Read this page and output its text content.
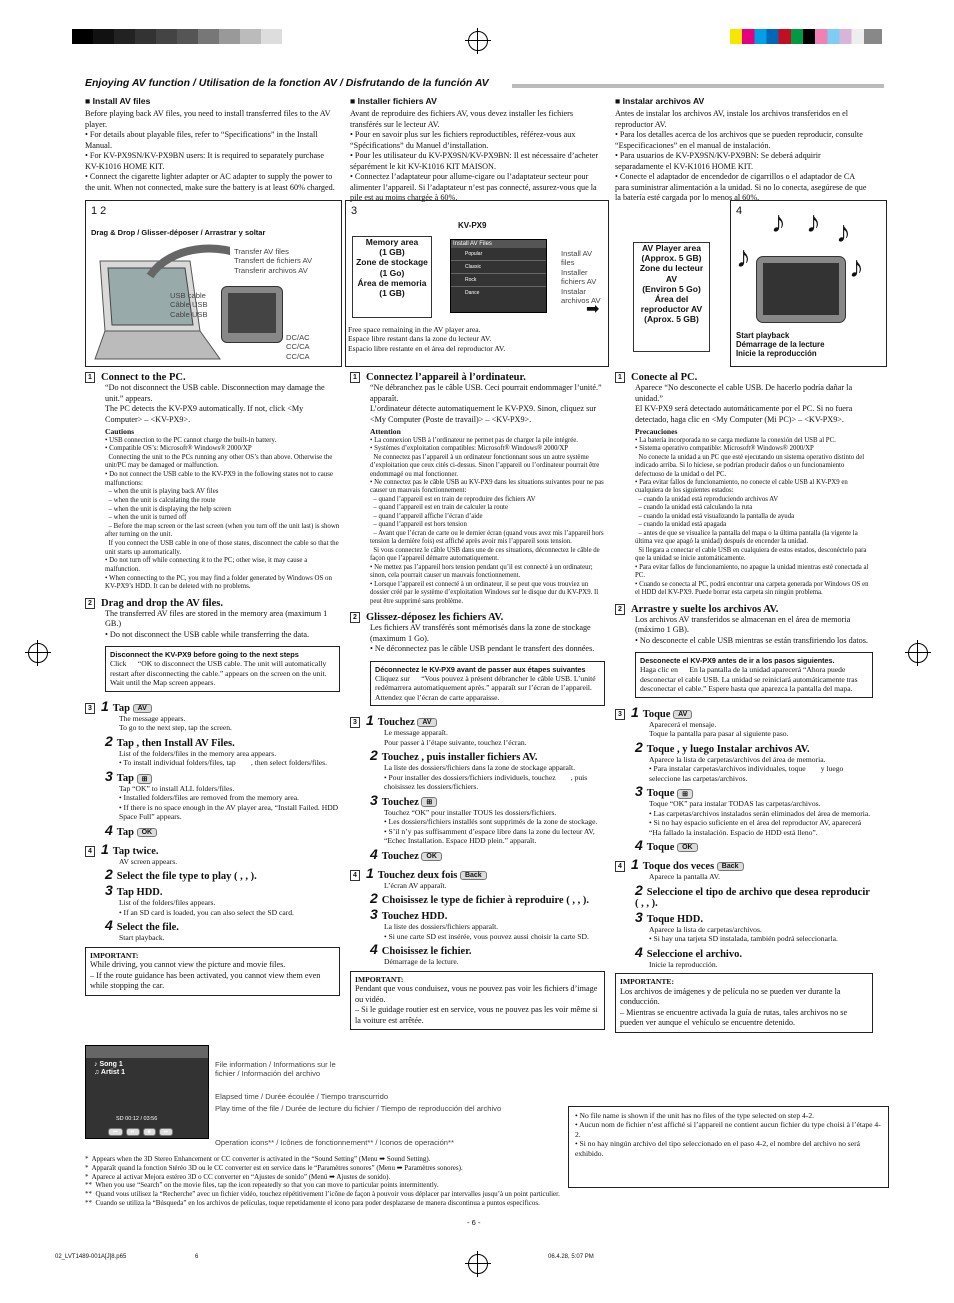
Enjoying AV function / Utilisation de la fonction AV / Disfrutando de la función AV
■ Install AV files
Before playing back AV files, you need to install transferred files to the AV player.
• For details about playable files, refer to “Specifications” in the Install Manual.
• For KV-PX9SN/KV-PX9BN users: It is required to separately purchase KV-K1016 HOME KIT.
• Connect the cigarette lighter adapter or AC adapter to supply the power to the unit. When not connected, make sure the battery is at least 60% charged.
■ Installer fichiers AV
Avant de reproduire des fichiers AV, vous devez installer les fichiers transférés sur le lecteur AV.
• Pour en savoir plus sur les fichiers reproductibles, référez-vous aux “Spécifications” du Manuel d’installation.
• Pour les utilisateur du KV-PX9SN/KV-PX9BN: Il est nécessaire d’acheter séparément le kit KV-K1016 KIT MAISON.
• Connectez l’adaptateur pour allume-cigare ou l’adaptateur secteur pour alimenter l’appareil. Si l’adaptateur n’est pas connecté, assurez-vous que la pile est au moins chargée à 60%.
■ Instalar archivos AV
Antes de instalar los archivos AV, instale los archivos transferidos en el reproductor AV.
• Para los detalles acerca de los archivos que se pueden reproducir, consulte “Especificaciones” en el manual de instalación.
• Para usuarios de KV-PX9SN/KV-PX9BN: Se deberá adquirir separadamente el KV-K1016 HOME KIT.
• Conecte el adaptador de encendedor de cigarrillos o el adaptador de CA para suministrar alimentación a la unidad. Si no lo conecta, asegúrese de que la batería esté cargada por lo menos al 60%.
1 2
Drag & Drop / Glisser-déposer / Arrastrar y soltar
Transfer AV files
Transfert de fichiers AV
Transferir archivos AV
USB cable
Câble USB
Cable USB
DC/AC
CC/CA
CC/CA
3
KV-PX9
Memory area
(1 GB)
Zone de stockage
(1 Go)
Área de memoria
(1 GB)
Install AV Files
Popular
Classic
Rock
Dance
Install AV files
Installer fichiers AV
Instalar archivos AV
➡
Free space remaining in the AV player area.
Espace libre restant dans la zone du lecteur AV.
Espacio libre restante en el área del reproductor AV.
AV Player area
(Approx. 5 GB)
Zone du lecteur AV
(Environ 5 Go)
Área del reproductor AV
(Aprox. 5 GB)
4 ♪ ♪ ♪
♪	♪
Start playback
Démarrage de la lecture
Inicie la reproducción
1 Connect to the PC.
“Do not disconnect the USB cable. Disconnection may damage the unit.” appears.
The PC detects the KV-PX9 automatically. If not, click <My Computer> – <KV-PX9>.
Cautions
• USB connection to the PC cannot charge the built-in battery.
• Compatible OS’s: Microsoft® Windows® 2000/XP
Connecting the unit to the PCs running any other OS’s than above. Otherwise the unit/PC may be damaged or malfunction.
• Do not connect the USB cable to the KV-PX9 in the following states not to cause malfunctions:
– when the unit is playing back AV files
– when the unit is calculating the route
– when the unit is displaying the help screen
– when the unit is turned off
– Before the map screen or the last screen (when you turn off the unit last) is shown after turning on the unit.
If you connect the USB cable in one of those states, disconnect the cable so that the unit starts up automatically.
• Do not turn off while connecting it to the PC; other wise, it may cause a malfunction.
• When connecting to the PC, you may find a folder generated by Windows OS on KV-PX9’s HDD. It can be deleted with no problems.
2 Drag and drop the AV files.
The transferred AV files are stored in the memory area (maximum 1 GB.)
• Do not disconnect the USB cable while transferring the data.
Disconnect the KV-PX9 before going to the next steps
Click      “OK to disconnect the USB cable. The unit will automatically restart after disconnecting the cable.” appears on the screen on the unit. Wait until the Map screen appears.
3 1 Tap AV
The message appears.
To go to the next step, tap the screen.
2 Tap , then Install AV Files.
List of the folders/files in the memory area appears.
• To install individual folders/files, tap        , then select folders/files.
3 Tap ⊞
Tap “OK” to install ALL folders/files.
• Installed folders/files are removed from the memory area.
• If there is no space enough in the AV player area, “Install Failed. HDD Space Full” appears.
4 Tap OK
4 1 Tap twice.
AV screen appears.
2 Select the file type to play ( , , ).
3 Tap HDD.
List of the folders/files appears.
• If an SD card is loaded, you can also select the SD card.
4 Select the file.
Start playback.
IMPORTANT:
While driving, you cannot view the picture and movie files.
– If the route guidance has been activated, you cannot view them even while stopping the car.
1 Connectez l’appareil à l’ordinateur.
“Ne débranchez pas le câble USB. Ceci pourrait endommager l’unité.” apparaît.
L’ordinateur détecte automatiquement le KV-PX9. Sinon, cliquez sur <My Computer (Poste de travail)> – <KV-PX9>.
Attention
• La connexion USB à l’ordinateur ne permet pas de charger la pile intégrée.
• Systèmes d’exploitation compatibles: Microsoft® Windows® 2000/XP
Ne connectez pas l’appareil à un ordinateur fonctionnant sous un autre système d’exploitation que ceux cités ci-dessus. Sinon l’appareil ou l’ordinateur pourrait être endommagé ou mal fonctionner.
• Ne connectez pas le câble USB au KV-PX9 dans les situations suivantes pour ne pas causer un mauvais fonctionnement:
– quand l’appareil est en train de reproduire des fichiers AV
– quand l’appareil est en train de calculer la route
– quand l’appareil affiche l’écran d’aide
– quand l’appareil est hors tension
– Avant que l’écran de carte ou le dernier écran (quand vous avez mis l’appareil hors tension la dernière fois) est affiché après avoir mis l’appareil sous tension.
Si vous connectez le câble USB dans une de ces situations, déconnectez le câble de façon que l’appareil démarre automatiquement.
• Ne mettez pas l’appareil hors tension pendant qu’il est connecté à un ordinateur; sinon, cela pourrait causer un mauvais fonctionnement.
• Lorsque l’appareil est connecté à un ordinateur, il se peut que vous trouviez un dossier créé par le système d’exploitation Windows sur le disque dur du KV-PX9. Il peut être supprimé sans problème.
2 Glissez-déposez les fichiers AV.
Les fichiers AV transférés sont mémorisés dans la zone de stockage (maximum 1 Go).
• Ne déconnectez pas le câble USB pendant le transfert des données.
Déconnectez le KV-PX9 avant de passer aux étapes suivantes
Cliquez sur      “Vous pouvez à présent débrancher le câble USB. L’unité redémarrera automatiquement après.” apparaît sur l’écran de l’appareil. Attendez que l’écran de carte apparaisse.
3 1 Touchez AV
Le message apparaît.
Pour passer à l’étape suivante, touchez l’écran.
2 Touchez , puis installer fichiers AV.
La liste des dossiers/fichiers dans la zone de stockage apparaît.
• Pour installer des dossiers/fichiers individuels, touchez        , puis choisissez les dossiers/fichiers.
3 Touchez ⊞
Touchez “OK” pour installer TOUS les dossiers/fichiers.
• Les dossiers/fichiers installés sont supprimés de la zone de stockage.
• S’il n’y pas suffisamment d’espace libre dans la zone du lecteur AV, “Echec Installation. Espace HDD plein.” apparaît.
4 Touchez OK
4 1 Touchez deux fois Back
L’écran AV apparaît.
2 Choisissez le type de fichier à reproduire ( , , ).
3 Touchez HDD.
La liste des dossiers/fichiers apparaît.
• Si une carte SD est insérée, vous pouvez aussi choisir la carte SD.
4 Choisissez le fichier.
Démarrage de la lecture.
IMPORTANT:
Pendant que vous conduisez, vous ne pouvez pas voir les fichiers d’image ou vidéo.
– Si le guidage routier est en service, vous ne pouvez pas les voir même si la voiture est arrêtée.
1 Conecte al PC.
Aparece “No desconecte el cable USB. De hacerlo podría dañar la unidad.”
El KV-PX9 será detectado automáticamente por el PC. Si no fuera detectado, haga clic en <My Computer (Mi PC)> – <KV-PX9>.
Precauciones
• La batería incorporada no se carga mediante la conexión del USB al PC.
• Sistema operativo compatible: Microsoft® Windows® 2000/XP
No conecte la unidad a un PC que esté ejecutando un sistema operativo distinto del indicado arriba. Si lo hiciese, se podrían producir daños o un funcionamiento defectuoso de la unidad o del PC.
• Para evitar fallos de funcionamiento, no conecte el cable USB al KV-PX9 en cualquiera de los siguientes estados:
– cuando la unidad está reproduciendo archivos AV
– cuando la unidad está calculando la ruta
– cuando la unidad está visualizando la pantalla de ayuda
– cuando la unidad está apagada
– antes de que se visualice la pantalla del mapa o la última pantalla (la vigente la última vez que apagó la unidad) después de encender la unidad.
Si llegara a conectar el cable USB en cualquiera de estos estados, desconéctelo para que la unidad se inicie automáticamente.
• Para evitar fallos de funcionamiento, no apague la unidad mientras esté conectada al PC.
• Cuando se conecta al PC, podrá encontrar una carpeta generada por Windows OS en el HDD del KV-PX9. Puede borrar esta carpeta sin ningún problema.
2 Arrastre y suelte los archivos AV.
Los archivos AV transferidos se almacenan en el área de memoria (máximo 1 GB).
• No desconecte el cable USB mientras se están transfiriendo los datos.
Desconecte el KV-PX9 antes de ir a los pasos siguientes.
Haga clic en      En la pantalla de la unidad aparecerá “Ahora puede desconectar el cable USB. La unidad se reiniciará automáticamente tras desconectar el cable.” Espere hasta que aparezca la pantalla del mapa.
3 1 Toque AV
Aparecerá el mensaje.
Toque la pantalla para pasar al siguiente paso.
2 Toque , y luego Instalar archivos AV.
Aparece la lista de carpetas/archivos del área de memoria.
• Para instalar carpetas/archivos individuales, toque        y luego seleccione las carpetas/archivos.
3 Toque ⊞
Toque “OK” para instalar TODAS las carpetas/archivos.
• Las carpetas/archivos instalados serán eliminados del área de memoria.
• Si no hay espacio suficiente en el área del reproductor AV, aparecerá “Ha fallado la instalación. Espacio de HDD está lleno”.
4 Toque OK
4 1 Toque dos veces Back
Aparece la pantalla AV.
2 Seleccione el tipo de archivo que desea reproducir ( , , ).
3 Toque HDD.
Aparece la lista de carpetas/archivos.
• Si hay una tarjeta SD instalada, también podrá seleccionarla.
4 Seleccione el archivo.
Inicie la reproducción.
IMPORTANTE:
Los archivos de imágenes y de película no se pueden ver durante la conducción.
– Mientras se encuentre activada la guía de rutas, tales archivos no se pueden ver aunque el vehículo se encuentre detenido.
♪ Song 1
♫ Artist 1
SD 00:12 / 03:56
⏮	⏯	■	⏭
File information / Informations sur le fichier / Información del archivo
Elapsed time / Durée écoulée / Tiempo transcurrido
Play time of the file / Durée de lecture du fichier / Tiempo de reproducción del archivo
Operation icons** / Icônes de fonctionnement** / Iconos de operación**
• No file name is shown if the unit has no files of the type selected on step 4-2.
• Aucun nom de fichier n’est affiché si l’appareil ne contient aucun fichier du type choisi à l’étape 4-2.
• Si no hay ningún archivo del tipo seleccionado en el paso 4-2, el nombre del archivo no será exhibido.
*  Appears when the 3D Stereo Enhancement or CC converter is activated in the “Sound Setting” (Menu ➡ Sound Setting).
*  Apparaît quand la fonction Stéréo 3D ou le CC converter est en service dans le “Paramètres sonores” (Menu ➡ Paramètres sonores).
*  Aparece al activar Mejora estéreo 3D o CC converter en “Ajustes de sonido” (Menú ➡ Ajustes de sonido).
**  When you use “Search” on the movie files, tap the icon repeatedly so that you can move to particular points intermittently.
**  Quand vous utilisez la “Recherche” avec un fichier vidéo, touchez répétitivement l’icône de façon à pouvoir vous déplacer par intervalles jusqu’à un point particulier.
**  Cuando se utiliza la “Búsqueda” en los archivos de películas, toque repetidamente el icono para poder desplazarse de manera discontinua a puntos específicos.
- 6 -
02_LVT1489-001A[J]8.p65	6	06.4.28, 5:07 PM
